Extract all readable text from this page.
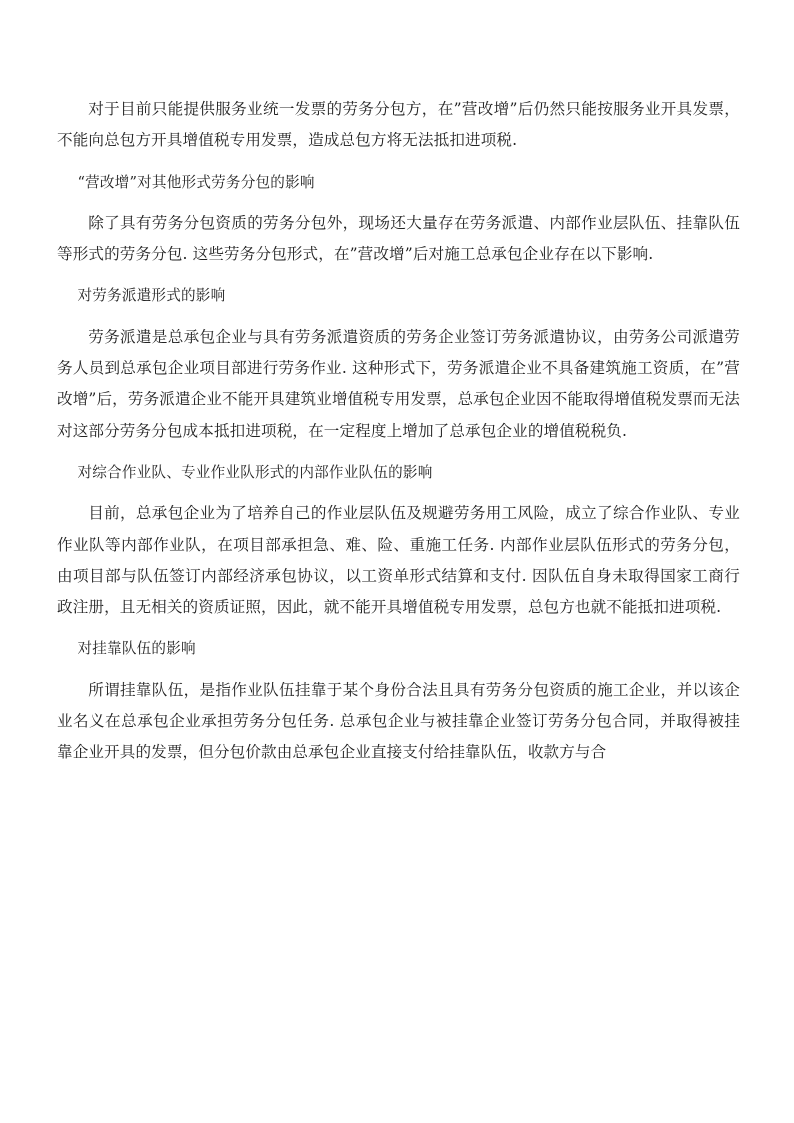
对于目前只能提供服务业统一发票的劳务分包方，在”营改增”后仍然只能按服务业开具发票，不能向总包方开具增值税专用发票，造成总包方将无法抵扣进项税.

“营改增”对其他形式劳务分包的影响

除了具有劳务分包资质的劳务分包外，现场还大量存在劳务派遣、内部作业层队伍、挂靠队伍等形式的劳务分包. 这些劳务分包形式，在”营改增”后对施工总承包企业存在以下影响.

对劳务派遣形式的影响

劳务派遣是总承包企业与具有劳务派遣资质的劳务企业签订劳务派遣协议，由劳务公司派遣劳务人员到总承包企业项目部进行劳务作业. 这种形式下，劳务派遣企业不具备建筑施工资质，在”营改增”后，劳务派遣企业不能开具建筑业增值税专用发票，总承包企业因不能取得增值税发票而无法对这部分劳务分包成本抵扣进项税，在一定程度上增加了总承包企业的增值税税负.

对综合作业队、专业作业队形式的内部作业队伍的影响

目前，总承包企业为了培养自己的作业层队伍及规避劳务用工风险，成立了综合作业队、专业作业队等内部作业队，在项目部承担急、难、险、重施工任务. 内部作业层队伍形式的劳务分包，由项目部与队伍签订内部经济承包协议，以工资单形式结算和支付. 因队伍自身未取得国家工商行政注册，且无相关的资质证照，因此，就不能开具增值税专用发票，总包方也就不能抵扣进项税.

对挂靠队伍的影响

所谓挂靠队伍，是指作业队伍挂靠于某个身份合法且具有劳务分包资质的施工企业，并以该企业名义在总承包企业承担劳务分包任务. 总承包企业与被挂靠企业签订劳务分包合同，并取得被挂靠企业开具的发票，但分包价款由总承包企业直接支付给挂靠队伍，收款方与合
